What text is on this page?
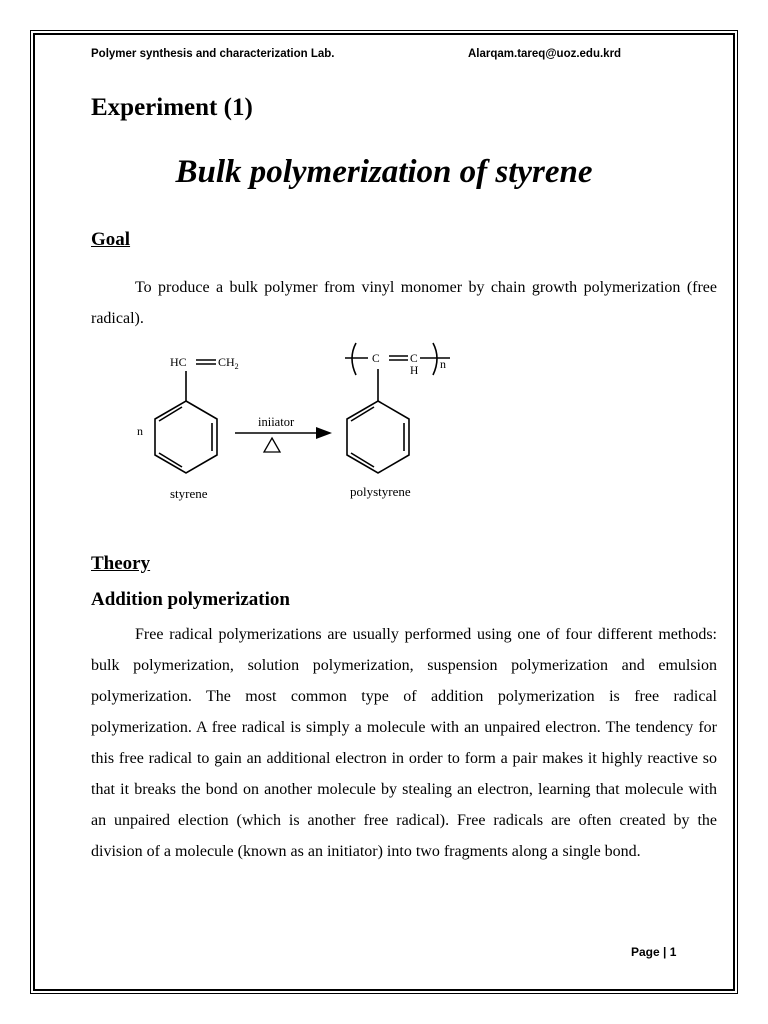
Polymer synthesis and characterization Lab.	Alarqam.tareq@uoz.edu.krd
Experiment (1)
Bulk polymerization of styrene
Goal

To produce a bulk polymer from vinyl monomer by chain growth polymerization (free radical).

HC	$CH_2$
n
styrene
iniiator
C	C
H n
polystyrene
Theory
Addition polymerization

Free radical polymerizations are usually performed using one of four different methods: bulk polymerization, solution polymerization, suspension polymerization and emulsion polymerization. The most common type of addition polymerization is free radical polymerization. A free radical is simply a molecule with an unpaired electron. The tendency for this free radical to gain an additional electron in order to form a pair makes it highly reactive so that it breaks the bond on another molecule by stealing an electron, learning that molecule with an unpaired election (which is another free radical). Free radicals are often created by the division of a molecule (known as an initiator) into two fragments along a single bond.

Page | 1
